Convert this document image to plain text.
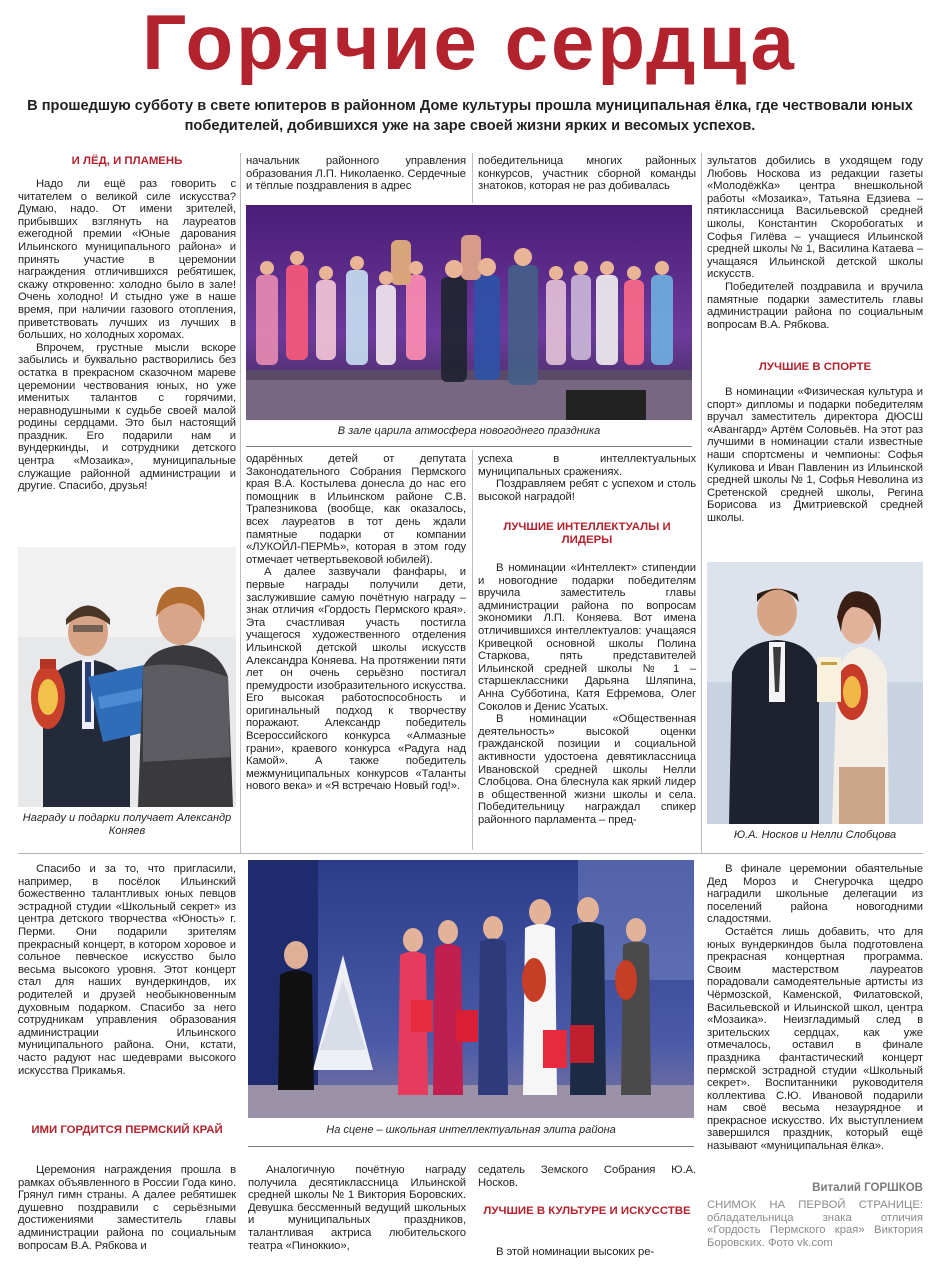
Горячие сердца
В прошедшую субботу в свете юпитеров в районном Доме культуры прошла муниципальная ёлка, где чествовали юных победителей, добившихся уже на заре своей жизни ярких и весомых успехов.
И ЛЁД, И ПЛАМЕНЬ

Надо ли ещё раз говорить с читателем о великой силе искусства? Думаю, надо. От имени зрителей, прибывших взглянуть на лауреатов ежегодной премии «Юные дарования Ильинского муниципального района» и принять участие в церемонии награждения отличившихся ребятишек, скажу откровенно: холодно было в зале! Очень холодно! И стыдно уже в наше время, при наличии газового отопления, приветствовать лучших из лучших в больших, но холодных хоромах.

Впрочем, грустные мысли вскоре забылись и буквально растворились без остатка в прекрасном сказочном мареве церемонии чествования юных, но уже именитых талантов с горячими, неравнодушными к судьбе своей малой родины сердцами. Это был настоящий праздник. Его подарили нам и вундеркинды, и сотрудники детского центра «Мозаика», муниципальные служащие районной администрации и другие. Спасибо, друзья!

Награду и подарки получает Александр Коняев

начальник районного управления образования Л.П. Николаенко. Сердечные и тёплые поздравления в адрес

победительница многих районных конкурсов, участник сборной команды знатоков, которая не раз добивалась

В зале царила атмосфера новогоднего праздника

зультатов добились в уходящем году Любовь Носкова из редакции газеты «МолодёжКа» центра внешкольной работы «Мозаика», Татьяна Едзиева – пятиклассница Васильевской средней школы, Константин Скоробогатых и Софья Гилёва – учащиеся Ильинской средней школы № 1, Василина Катаева – учащаяся Ильинской детской школы искусств.

Победителей поздравила и вручила памятные подарки заместитель главы администрации района по социальным вопросам В.А. Рябкова.

ЛУЧШИЕ В СПОРТЕ

В номинации «Физическая культура и спорт» дипломы и подарки победителям вручал заместитель директора ДЮСШ «Авангард» Артём Соловьёв. На этот раз лучшими в номинации стали известные наши спортсмены и чемпионы: Софья Куликова и Иван Павленин из Ильинской средней школы № 1, Софья Неволина из Сретенской средней школы, Регина Борисова из Дмитриевской средней школы.

Ю.А. Носков и Нелли Слобцова

одарённых детей от депутата Законодательного Собрания Пермского края В.А. Костылева донесла до нас его помощник в Ильинском районе С.В. Трапезникова (вообще, как оказалось, всех лауреатов в тот день ждали памятные подарки от компании «ЛУКОЙЛ-ПЕРМЬ», которая в этом году отмечает четвертьвековой юбилей).

А далее зазвучали фанфары, и первые награды получили дети, заслужившие самую почётную награду – знак отличия «Гордость Пермского края». Эта счастливая участь постигла учащегося художественного отделения Ильинской детской школы искусств Александра Коняева. На протяжении пяти лет он очень серьёзно постигал премудрости изобразительного искусства. Его высокая работоспособность и оригинальный подход к творчеству поражают. Александр победитель Всероссийского конкурса «Алмазные грани», краевого конкурса «Радуга над Камой». А также победитель межмуниципальных конкурсов «Таланты нового века» и «Я встречаю Новый год!».

успеха в интеллектуальных муниципальных сражениях.

Поздравляем ребят с успехом и столь высокой наградой!

ЛУЧШИЕ ИНТЕЛЛЕКТУАЛЫ И ЛИДЕРЫ

В номинации «Интеллект» стипендии и новогодние подарки победителям вручила заместитель главы администрации района по вопросам экономики Л.П. Коняева. Вот имена отличившихся интеллектуалов: учащаяся Кривецкой основной школы Полина Старкова, пять представителей Ильинской средней школы № 1 – старшеклассники Дарьяна Шляпина, Анна Субботина, Катя Ефремова, Олег Соколов и Денис Усатых.

В номинации «Общественная деятельность» высокой оценки гражданской позиции и социальной активности удостоена девятиклассница Ивановской средней школы Нелли Слобцова. Она блеснула как яркий лидер в общественной жизни школы и села. Победительницу награждал спикер районного парламента – пред-

Спасибо и за то, что пригласили, например, в посёлок Ильинский божественно талантливых юных певцов эстрадной студии «Школьный секрет» из центра детского творчества «Юность» г. Перми. Они подарили зрителям прекрасный концерт, в котором хоровое и сольное певческое искусство было весьма высокого уровня. Этот концерт стал для наших вундеркиндов, их родителей и друзей необыкновенным духовным подарком. Спасибо за него сотрудникам управления образования администрации Ильинского муниципального района. Они, кстати, часто радуют нас шедеврами высокого искусства Прикамья.

ИМИ ГОРДИТСЯ ПЕРМСКИЙ КРАЙ

Церемония награждения прошла в рамках объявленного в России Года кино. Грянул гимн страны. А далее ребятишек душевно поздравили с серьёзными достижениями заместитель главы администрации района по социальным вопросам В.А. Рябкова и

На сцене – школьная интеллектуальная элита района

В финале церемонии обаятельные Дед Мороз и Снегурочка щедро наградили школьные делегации из поселений района новогодними сладостями.

Остаётся лишь добавить, что для юных вундеркиндов была подготовлена прекрасная концертная программа. Своим мастерством лауреатов порадовали самодеятельные артисты из Чёрмозской, Каменской, Филатовской, Васильевской и Ильинской школ, центра «Мозаика». Неизгладимый след в зрительских сердцах, как уже отмечалось, оставил в финале праздника фантастический концерт пермской эстрадной студии «Школьный секрет». Воспитанники руководителя коллектива С.Ю. Ивановой подарили нам своё весьма незаурядное и прекрасное искусство. Их выступлением завершился праздник, который ещё называют «муниципальная ёлка».

Виталий ГОРШКОВ
СНИМОК НА ПЕРВОЙ СТРАНИЦЕ: обладательница знака отличия «Гордость Пермского края» Виктория Боровских. Фото vk.com

Аналогичную почётную награду получила десятиклассница Ильинской средней школы № 1 Виктория Боровских. Девушка бессменный ведущий школьных и муниципальных праздников, талантливая актриса любительского театра «Пиноккио»,

седатель Земского Собрания Ю.А. Носков.

ЛУЧШИЕ В КУЛЬТУРЕ И ИСКУССТВЕ

В этой номинации высоких ре-
